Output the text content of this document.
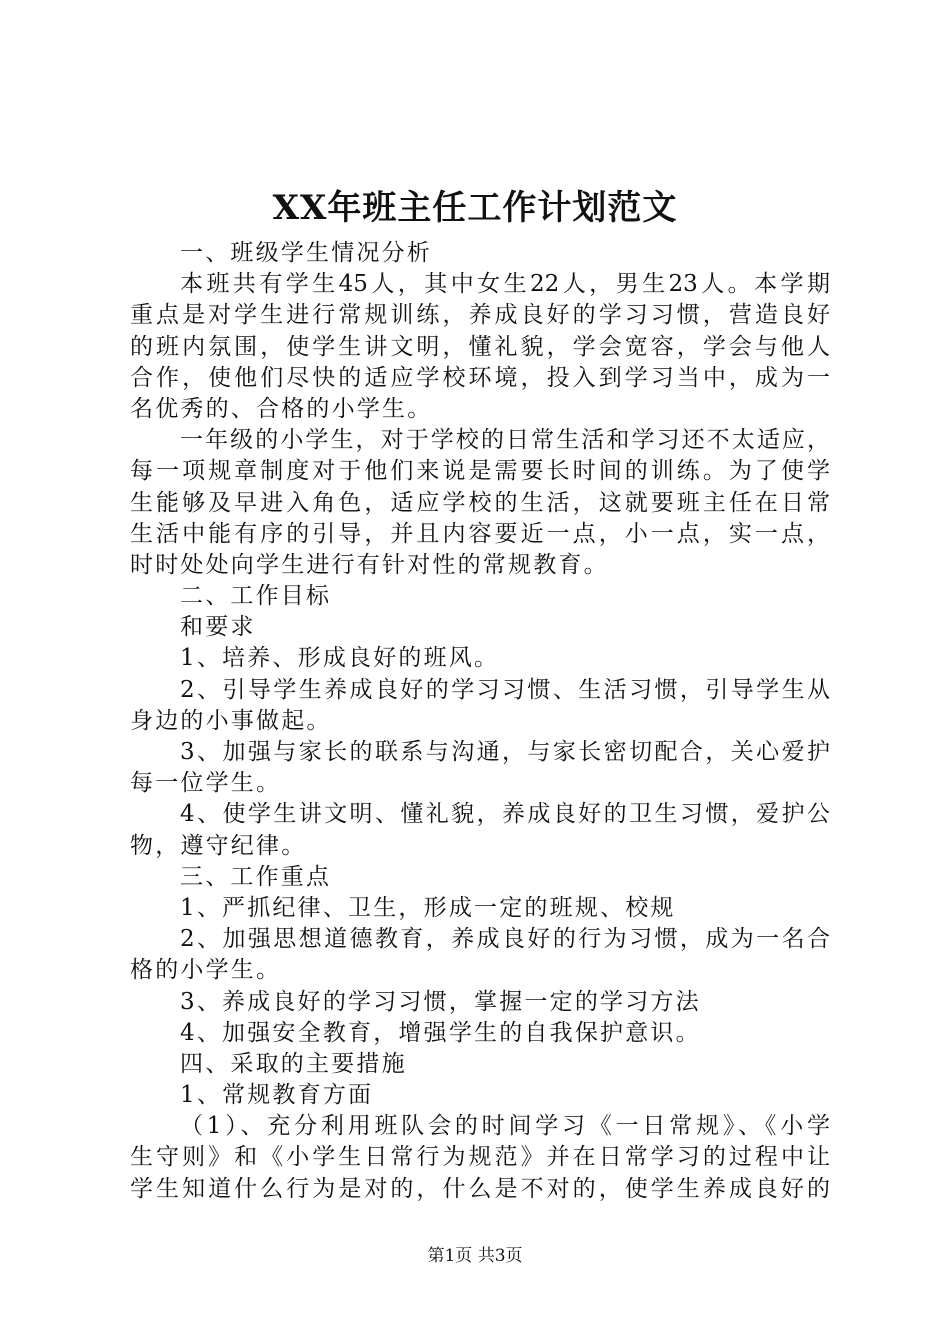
XX年班主任工作计划范文
一、班级学生情况分析
本班共有学生45人，其中女生22人，男生23人。本学期
重点是对学生进行常规训练，养成良好的学习习惯，营造良好
的班内氛围，使学生讲文明，懂礼貌，学会宽容，学会与他人
合作，使他们尽快的适应学校环境，投入到学习当中，成为一
名优秀的、合格的小学生。
一年级的小学生，对于学校的日常生活和学习还不太适应，
每一项规章制度对于他们来说是需要长时间的训练。为了使学
生能够及早进入角色，适应学校的生活，这就要班主任在日常
生活中能有序的引导，并且内容要近一点，小一点，实一点，
时时处处向学生进行有针对性的常规教育。
二、工作目标
和要求
1、培养、形成良好的班风。
2、引导学生养成良好的学习习惯、生活习惯，引导学生从
身边的小事做起。
3、加强与家长的联系与沟通，与家长密切配合，关心爱护
每一位学生。
4、使学生讲文明、懂礼貌，养成良好的卫生习惯，爱护公
物，遵守纪律。
三、工作重点
1、严抓纪律、卫生，形成一定的班规、校规
2、加强思想道德教育，养成良好的行为习惯，成为一名合
格的小学生。
3、养成良好的学习习惯，掌握一定的学习方法
4、加强安全教育，增强学生的自我保护意识。
四、采取的主要措施
1、常规教育方面
（1）、充分利用班队会的时间学习《一日常规》、《小学
生守则》和《小学生日常行为规范》并在日常学习的过程中让
学生知道什么行为是对的，什么是不对的，使学生养成良好的
第1页 共3页
